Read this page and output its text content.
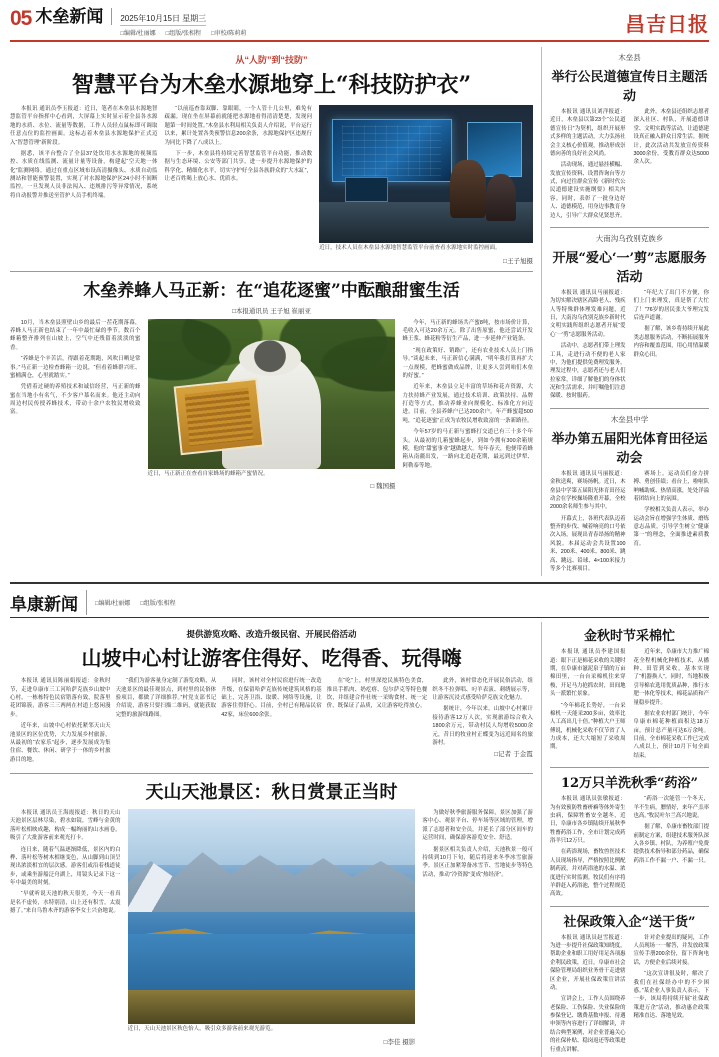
05 木垒新闻	2025年10月15日 星期三
□编辑/杜丽娜 □组版/张相程 □审校/陈莉莉	昌吉日报
从“人防”到“技防”
智慧平台为木垒水源地穿上“科技防护衣”

本报讯 通讯员李玉报道：近日，笔者在木垒县水源地智慧监管平台指挥中心看到，大屏幕上实时显示着全县各水源地的水质、水位、流量等数据，工作人员轻点鼠标即可调取任意点位的监控画面。这标志着木垒县水源地保护正式迈入“智慧管理”新阶段。

据悉，该平台整合了全县37处饮用水水源地的视频监控、水质在线监测、流量计量等设备，构建起“空天地一体化”监测网络。通过在重点区域布设高清摄像头、水质自动监测站和智能预警装置，实现了对水源地保护区24小时不间断监控。一旦发现人员非法闯入、违规排污等异常情况，系统将自动报警并推送至管护人员手机终端。

“以前巡查靠双脚、靠眼睛，一个人管十几公里，难免有疏漏。现在坐在屏幕前就能把水源地看得清清楚楚，发现问题第一时间处置。”木垒县水利局相关负责人介绍说，平台运行以来，累计处置各类预警信息200余条，水源地保护区违规行为同比下降了八成以上。

下一步，木垒县将持续完善智慧监管平台功能，推动数据与生态环境、公安等部门共享，进一步提升水源地保护的科学化、精细化水平，切实守护好全县各族群众的“大水缸”，让老百姓喝上放心水、优质水。

近日，技术人员在木垒县水源地智慧监管平台前查看水源地实时监控画面。
□王子旭摄
木垒养蜂人马正新：在“追花逐蜜”中酝酿甜蜜生活
□本报通讯员 王子旭 崔丽亚

10月，当木垒县照壁山乡的最后一茬花期落幕，养蜂人马正新也结束了一年中最忙碌的季节。数百个蜂箱整齐排列在山坡上，空气中还残留着淡淡的蜜香。

“养蜂是个辛苦活，得跟着花期跑，风吹日晒是常事。”马正新一边检查蜂箱一边说，“但看着蜂群兴旺、蜜桶满仓，心里就踏实。”

凭借着过硬的养殖技术和诚信经营，马正新的蜂蜜在当地小有名气，不少客户慕名而来。他还主动向周边村民传授养蜂技术，带动十余户农牧民增收致富。

近日，马正新正在查看自家蜂场的蜂箱产蜜情况。
□ 魏国摄

今年，马正新的蜂场共产蜜8吨，按市场价计算，毛收入可达20余万元。除了出售原蜜，他还尝试开发蜂王浆、蜂花粉等衍生产品，进一步延伸产业链条。

“现在政策好、销路广，还有农业技术人员上门指导。”谈起未来，马正新信心满满，“明年我打算再扩大一点规模，把蜂蜜做成品牌，让更多人尝到咱们木垒的好蜜。”

近年来，木垒县立足丰富的草场和花卉资源，大力扶持蜂产业发展，通过技术培训、政策扶持、品牌打造等方式，推动养蜂业向规模化、标准化方向迈进。目前，全县养蜂户已达200余户，年产蜂蜜超500吨，“追花逐蜜”正成为农牧民增收致富的一条新路径。

今年57岁的马正新与蜜蜂打交道已有三十多个年头。从最初的几箱蜜蜂起步，到如今拥有300余箱规模，他的“甜蜜事业”越做越大。每年春天，他便带着蜂箱从南疆出发，一路向北追赶花期，最远到过伊犁、阿勒泰等地。

木垒县
举行公民道德宣传日主题活动

本报讯 通讯员刘洋报道：近日，木垒县以第23个“公民道德宣传日”为契机，组织开展形式多样的主题活动，大力弘扬社会主义核心价值观，推动形成崇德向善的良好社会风尚。

活动现场，通过悬挂横幅、发放宣传资料、设置咨询台等方式，向过往群众宣传《新时代公民道德建设实施纲要》相关内容。同时，表彰了一批身边好人、道德模范，用身边事教育身边人，引导广大群众见贤思齐。

此外，木垒县还组织志愿者深入社区、村队，开展道德讲堂、文明实践等活动，让道德建设真正融入群众日常生活。据统计，此次活动共发放宣传资料3000余份，受教育群众达5000余人次。

大南沟乌孜别克族乡
开展“爱心‘一’剪”志愿服务活动

本报讯 通讯员马丽报道：为切实解决辖区高龄老人、残疾人等特殊群体理发难问题，近日，大南沟乌孜别克族乡新时代文明实践所组织志愿者开展“爱心‘一’剪”志愿服务活动。

活动中，志愿者们带上理发工具，走进行动不便的老人家中，为他们提供免费理发服务。理发过程中，志愿者还与老人们拉家常，详细了解他们的身体状况和生活需求，并叮嘱他们注意保暖、按时服药。

“年纪大了出门不方便，你们上门来理发，真是帮了大忙了！”76岁的居民张大爷理完发后连声道谢。

据了解，该乡将持续开展此类志愿服务活动，不断拓展服务内容和覆盖范围，用心用情温暖群众心田。

木垒县中学
举办第五届阳光体育田径运动会

本报讯 通讯员马丽报道：金秋送爽，赛场扬帆。近日，木垒县中学第五届阳光体育田径运动会在学校操场隆重开幕，全校2000余名师生参与其中。

开幕式上，各班代表队迈着整齐的步伐、喊着响亮的口号依次入场，展现出青春昂扬的精神风貌。本届运动会共设置100米、200米、400米、800米、跳高、跳远、铅球、4×100米接力等多个比赛项目。

赛场上，运动员们奋力拼搏、勇创佳绩；看台上，啦啦队呐喊助威、热情高涨，处处洋溢着团结向上的氛围。

学校相关负责人表示，举办运动会旨在增强学生体质、磨炼意志品质，引导学生树立“健康第一”的理念，全面推进素质教育。

阜康新闻	□编辑/杜丽娜 □组版/张相程
提供游览攻略、改造升级民宿、开展民俗活动
山坡中心村让游客住得好、吃得香、玩得嗨

本报讯 通讯员陈丽娟报道：金秋时节，走进阜康市三工河哈萨克族乡山坡中心村，一栋栋特色民宿错落有致，院落里花团锦簇，游客三三两两在村道上悠闲漫步。

近年来，山坡中心村依托紧邻天山天池景区的区位优势，大力发展乡村旅游，从最初的“农家乐”起步，逐步发展成为集住宿、餐饮、休闲、研学于一体的乡村旅游目的地。

“我们为游客量身定制了游览攻略，从天池景区的最佳观景点，到村里的民俗体验项目，都做了详细推荐。”村党支部书记介绍说，游客只要扫描二维码，就能获取完整的旅游线路图。

同时，该村对全村民宿进行统一改造升级，在保留哈萨克族传统建筑风格的基础上，完善卫浴、取暖、网络等设施，让游客住得舒心。目前，全村已有精品民宿42家，床位600余张。

在“吃”上，村里深挖民族特色美食，推出手抓肉、奶疙瘩、包尔萨克等特色餐饮，并组建合作社统一采购食材、统一定价，既保证了品质，又让游客吃得放心。

此外，该村常态化开展民俗活动，组织冬不拉弹唱、叼羊表演、刺绣展示等，让游客沉浸式感受哈萨克族文化魅力。

据统计，今年以来，山坡中心村累计接待游客12万人次，实现旅游综合收入1800余万元，带动村民人均增收5000余元，昔日的牧业村正蝶变为远近闻名的旅游村。

□记者 于金霞
天山天池景区：秋日赏景正当时

本报讯 通讯员王海霞报道：秋日的天山天池景区层林尽染，碧水如镜，雪峰与金黄的落叶松相映成趣，构成一幅绚丽的山水画卷，吸引了大批游客前来观光打卡。

连日来，随着气温逐渐降低，景区内的白桦、落叶松等树木相继变色，从山脚到山顶呈现出浓淡相宜的层次感。游客们或沿着栈道徒步，或乘坐游船泛舟湖上，用镜头记录下这一年中最美的时刻。

“早就听说天池的秋天很美，今天一看真是名不虚传，水特别清，山上还有积雪，太震撼了。”来自乌鲁木齐的游客李女士兴奋地说。

近日，天山天池景区秋色怡人，吸引众多游客前来观光游览。
□李佳 摄影

为做好秋季旅游服务保障，景区加强了游客中心、观景平台、停车场等区域的管理，增派了志愿者和安全员，并延长了部分区间车的运营时间，确保游客游览安全、舒适。

据景区相关负责人介绍，天池秋景一般可持续到10月下旬，随后将迎来冬季冰雪旅游季。景区正加紧筹备冰雪节、雪地徒步等特色活动，推动“冷资源”变成“热经济”。

金秋时节采棉忙

本报讯 通讯员李建国报道：眼下正是棉花采收的关键时期，在阜康市滋泥泉子镇的万亩棉田里，一台台采棉机往来穿梭，开足马力抢抓农时，田间地头一派繁忙景象。

“今年棉花长势好，一台采棉机一天能采200多亩，效率比人工高出几十倍。”种植大户王师傅说，机械化采收不仅节省了人力成本，还大大缩短了采收周期。

近年来，阜康市大力推广棉花全程机械化种植技术，从播种、田管到采收，基本实现了“机器换人”。同时，当地积极引导棉农选用优质品种，推行水肥一体化等技术，棉花品质和产量稳步提升。

据农业农村部门统计，今年阜康市棉花种植面积达18万亩，预计总产量可达6万余吨。目前，全市棉花采收工作已完成八成以上，预计10月下旬全面结束。

12万只羊洗秋季“药浴”

本报讯 通讯员张敏报道：为有效预防牲畜疥癣等体外寄生虫病，保障牲畜安全越冬，近日，阜康市各乡镇陆续开展秋季牲畜药浴工作，全市计划完成药浴羊只12万只。

在药浴现场，畜牧兽医技术人员现场指导，严格按照比例配制药液，并对药浴池的水温、浓度进行实时监测。牧民们有序将羊群赶入药浴池，整个过程规范高效。

“药浴一次能管一个冬天，羊不生病，膘情好，来年产羔率也高。”牧民叶尔兰高兴地说。

据了解，阜康市畜牧部门提前制定方案，组建技术服务队深入各乡镇、村队，为养殖户免费提供技术指导和部分药品，确保药浴工作不漏一户、不漏一只。

社保政策入企“送干货”

本报讯 通讯员赵雪报道：为进一步提升社保政策知晓度，帮助企业和职工用好用足各项惠企利民政策，近日，阜康市社会保险管理局组织业务骨干走进辖区企业，开展社保政策宣讲活动。

宣讲会上，工作人员围绕养老保险、工伤保险、失业保险的参保登记、缴费基数申报、待遇申领等内容进行了详细解读，并结合典型案例，对企业普遍关心的社保补贴、稳岗返还等政策进行重点讲解。

针对企业提出的疑问，工作人员现场一一解答，并发放政策宣传手册200余份，留下咨询电话，方便企业后续对接。

“这次宣讲很及时，解决了我们在社保经办中的不少困惑。”某企业人事负责人表示。下一步，该局将持续开展“社保政策进万企”活动，推动惠企政策精准直达、落地见效。
